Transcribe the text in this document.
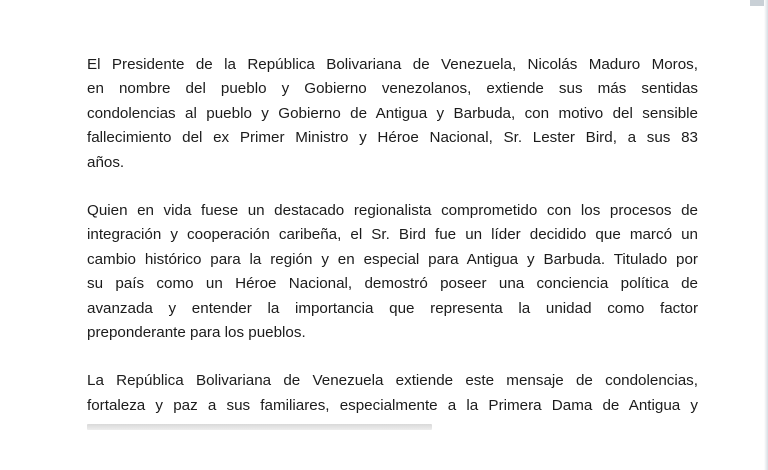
El Presidente de la República Bolivariana de Venezuela, Nicolás Maduro Moros,
en nombre del pueblo y Gobierno venezolanos, extiende sus más sentidas
condolencias al pueblo y Gobierno de Antigua y Barbuda, con motivo del sensible
fallecimiento del ex Primer Ministro y Héroe Nacional, Sr. Lester Bird, a sus 83
años.

Quien en vida fuese un destacado regionalista comprometido con los procesos de
integración y cooperación caribeña, el Sr. Bird fue un líder decidido que marcó un
cambio histórico para la región y en especial para Antigua y Barbuda. Titulado por
su país como un Héroe Nacional, demostró poseer una conciencia política de
avanzada y entender la importancia que representa la unidad como factor
preponderante para los pueblos.

La República Bolivariana de Venezuela extiende este mensaje de condolencias,
fortaleza y paz a sus familiares, especialmente a la Primera Dama de Antigua y
